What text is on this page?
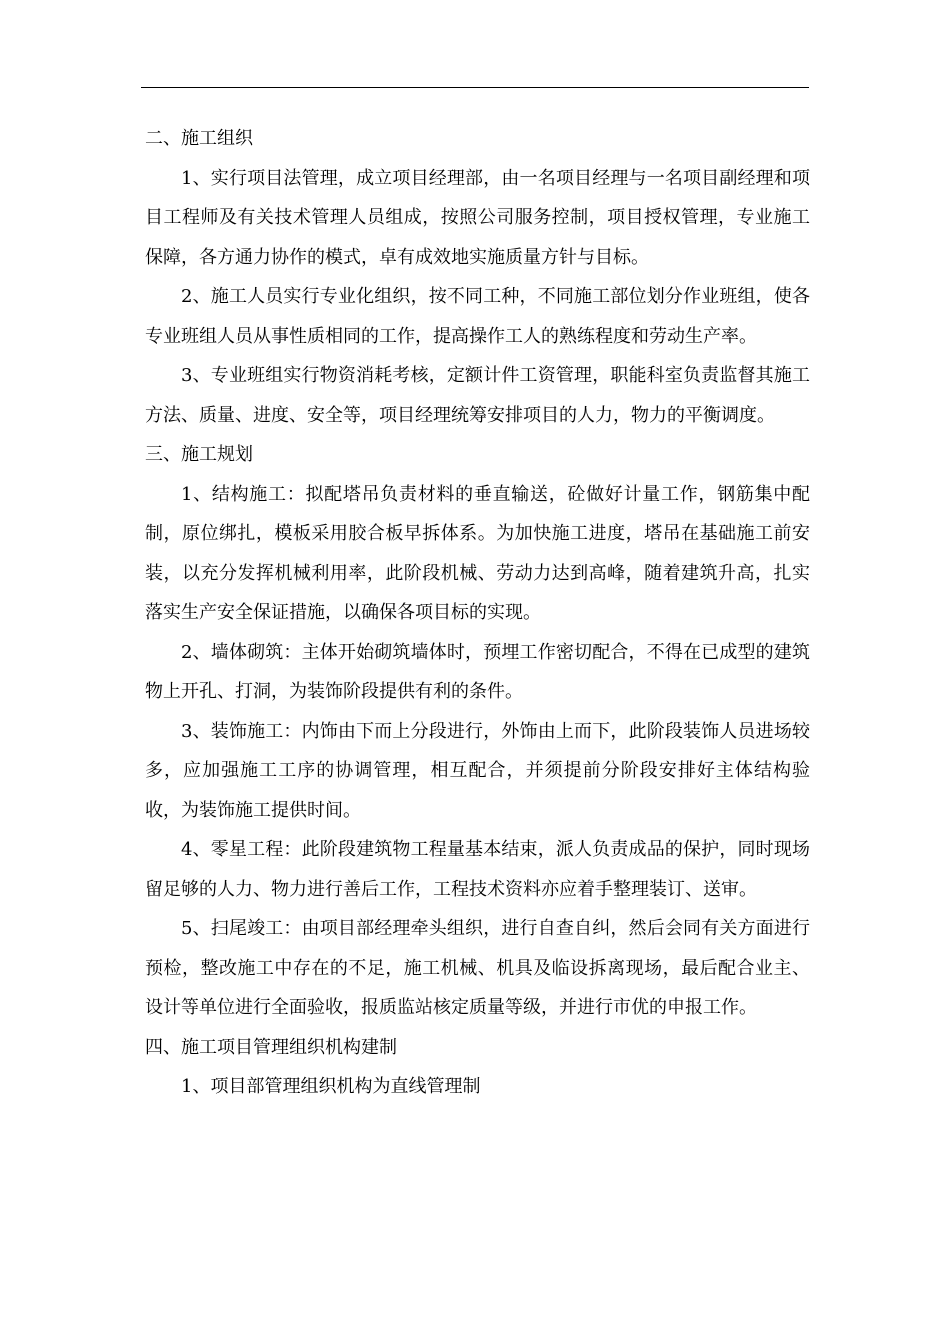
二、施工组织

1、实行项目法管理，成立项目经理部，由一名项目经理与一名项目副经理和项目工程师及有关技术管理人员组成，按照公司服务控制，项目授权管理，专业施工保障，各方通力协作的模式，卓有成效地实施质量方针与目标。

2、施工人员实行专业化组织，按不同工种，不同施工部位划分作业班组，使各专业班组人员从事性质相同的工作，提高操作工人的熟练程度和劳动生产率。

3、专业班组实行物资消耗考核，定额计件工资管理，职能科室负责监督其施工方法、质量、进度、安全等，项目经理统筹安排项目的人力，物力的平衡调度。

三、施工规划

1、结构施工：拟配塔吊负责材料的垂直输送，砼做好计量工作，钢筋集中配制，原位绑扎，模板采用胶合板早拆体系。为加快施工进度，塔吊在基础施工前安装，以充分发挥机械利用率，此阶段机械、劳动力达到高峰，随着建筑升高，扎实落实生产安全保证措施，以确保各项目标的实现。

2、墙体砌筑：主体开始砌筑墙体时，预埋工作密切配合，不得在已成型的建筑物上开孔、打洞，为装饰阶段提供有利的条件。

3、装饰施工：内饰由下而上分段进行，外饰由上而下，此阶段装饰人员进场较多，应加强施工工序的协调管理，相互配合，并须提前分阶段安排好主体结构验收，为装饰施工提供时间。

4、零星工程：此阶段建筑物工程量基本结束，派人负责成品的保护，同时现场留足够的人力、物力进行善后工作，工程技术资料亦应着手整理装订、送审。

5、扫尾竣工：由项目部经理牵头组织，进行自查自纠，然后会同有关方面进行预检，整改施工中存在的不足，施工机械、机具及临设拆离现场，最后配合业主、设计等单位进行全面验收，报质监站核定质量等级，并进行市优的申报工作。

四、施工项目管理组织机构建制

1、项目部管理组织机构为直线管理制
